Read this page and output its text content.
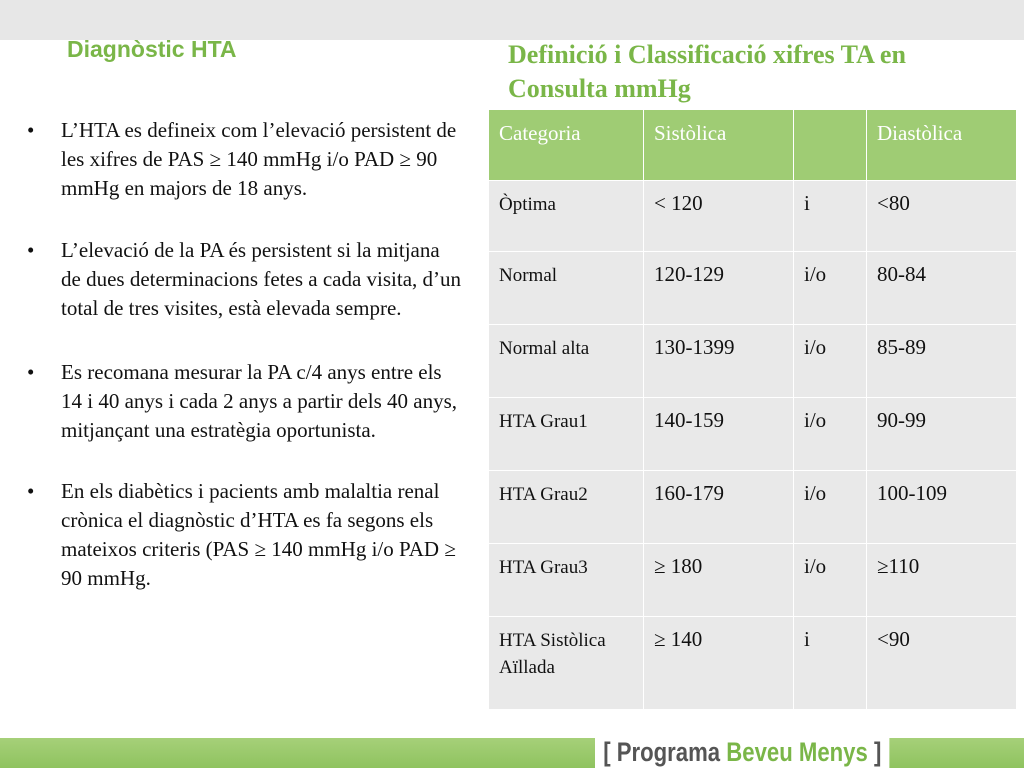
Diagnòstic HTA	Definició i Classificació xifres TA en Consulta mmHg
• L’HTA es defineix com l’elevació persistent de les xifres de PAS ≥ 140 mmHg i/o PAD ≥ 90 mmHg en majors de 18 anys.
• L’elevació de la PA és persistent si la mitjana de dues determinacions fetes a cada visita, d’un total de tres visites, està elevada sempre.
• Es recomana mesurar la PA c/4 anys entre els 14 i 40 anys i cada 2 anys a partir dels 40 anys, mitjançant una estratègia oportunista.
• En els diabètics i pacients amb malaltia renal crònica el diagnòstic d’HTA es fa segons els mateixos criteris (PAS ≥ 140 mmHg i/o PAD ≥ 90 mmHg.
Categoria	Sistòlica		Diastòlica
Òptima	< 120	i	<80
Normal	120-129	i/o	80-84
Normal alta	130-1399	i/o	85-89
HTA Grau1	140-159	i/o	90-99
HTA Grau2	160-179	i/o	100-109
HTA Grau3	≥ 180	i/o	≥110
HTA Sistòlica Aïllada	≥ 140	i	<90
[
Programa
Beveu Menys
]
